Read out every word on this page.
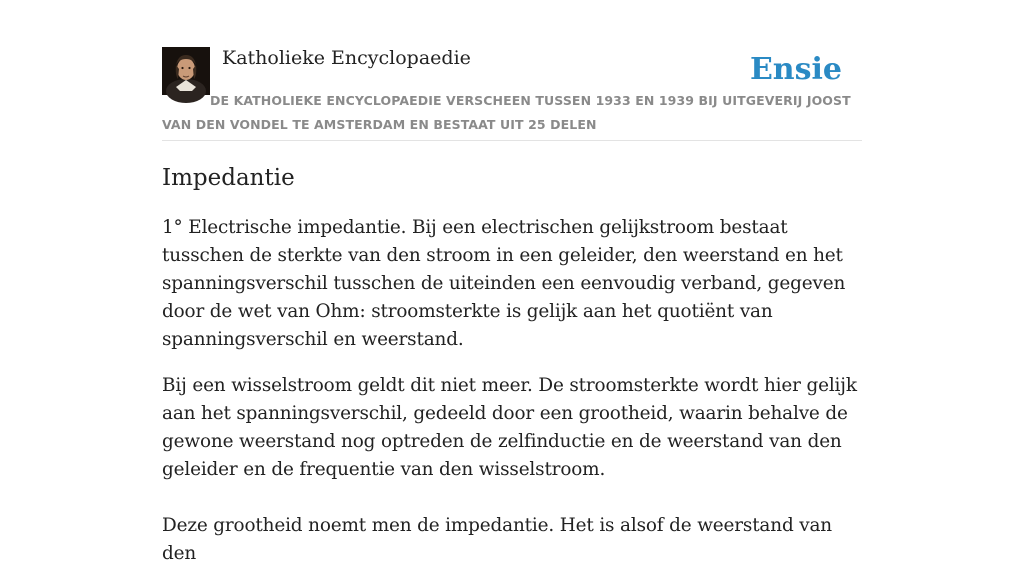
Katholieke Encyclopaedie	Ensie
DE KATHOLIEKE ENCYCLOPAEDIE VERSCHEEN TUSSEN 1933 EN 1939 BIJ UITGEVERIJ JOOST VAN DEN VONDEL TE AMSTERDAM EN BESTAAT UIT 25 DELEN
Impedantie

1° Electrische impedantie. Bij een electrischen gelijkstroom bestaat tusschen de sterkte van den stroom in een geleider, den weerstand en het spanningsverschil tusschen de uiteinden een eenvoudig verband, gegeven door de wet van Ohm: stroomsterkte is gelijk aan het quotiënt van spanningsverschil en weerstand.

Bij een wisselstroom geldt dit niet meer. De stroomsterkte wordt hier gelijk aan het spanningsverschil, gedeeld door een grootheid, waarin behalve de gewone weerstand nog optreden de zelfinductie en de weerstand van den geleider en de frequentie van den wisselstroom.

Deze grootheid noemt men de impedantie. Het is alsof de weerstand van den
